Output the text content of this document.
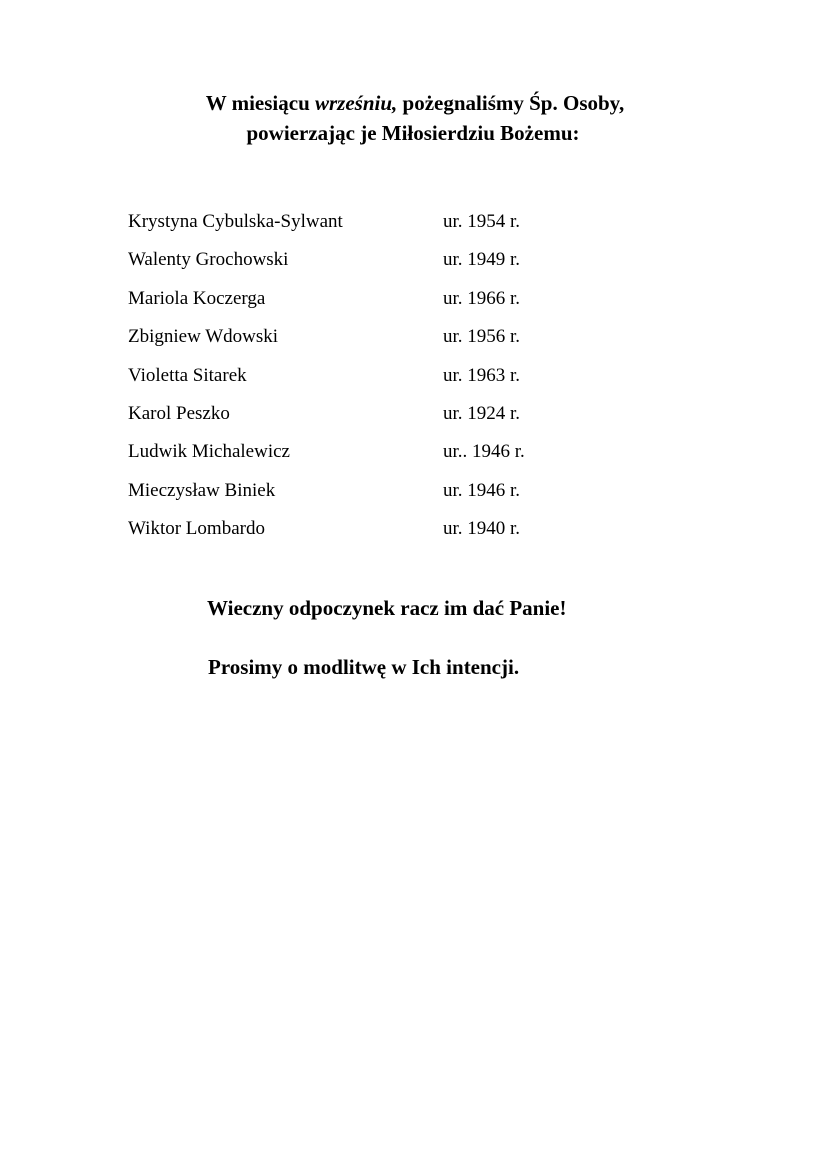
W miesiącu wrześniu, pożegnaliśmy Śp. Osoby,
powierzając je Miłosierdziu Bożemu:
Krystyna Cybulska-Sylwant	ur. 1954 r.
Walenty Grochowski	ur. 1949 r.
Mariola Koczerga	ur. 1966 r.
Zbigniew Wdowski	ur. 1956 r.
Violetta Sitarek	ur. 1963 r.
Karol Peszko	ur. 1924 r.
Ludwik Michalewicz	ur.. 1946 r.
Mieczysław Biniek	ur. 1946 r.
Wiktor Lombardo	ur. 1940 r.
Wieczny odpoczynek racz im dać Panie!
Prosimy o modlitwę w Ich intencji.
